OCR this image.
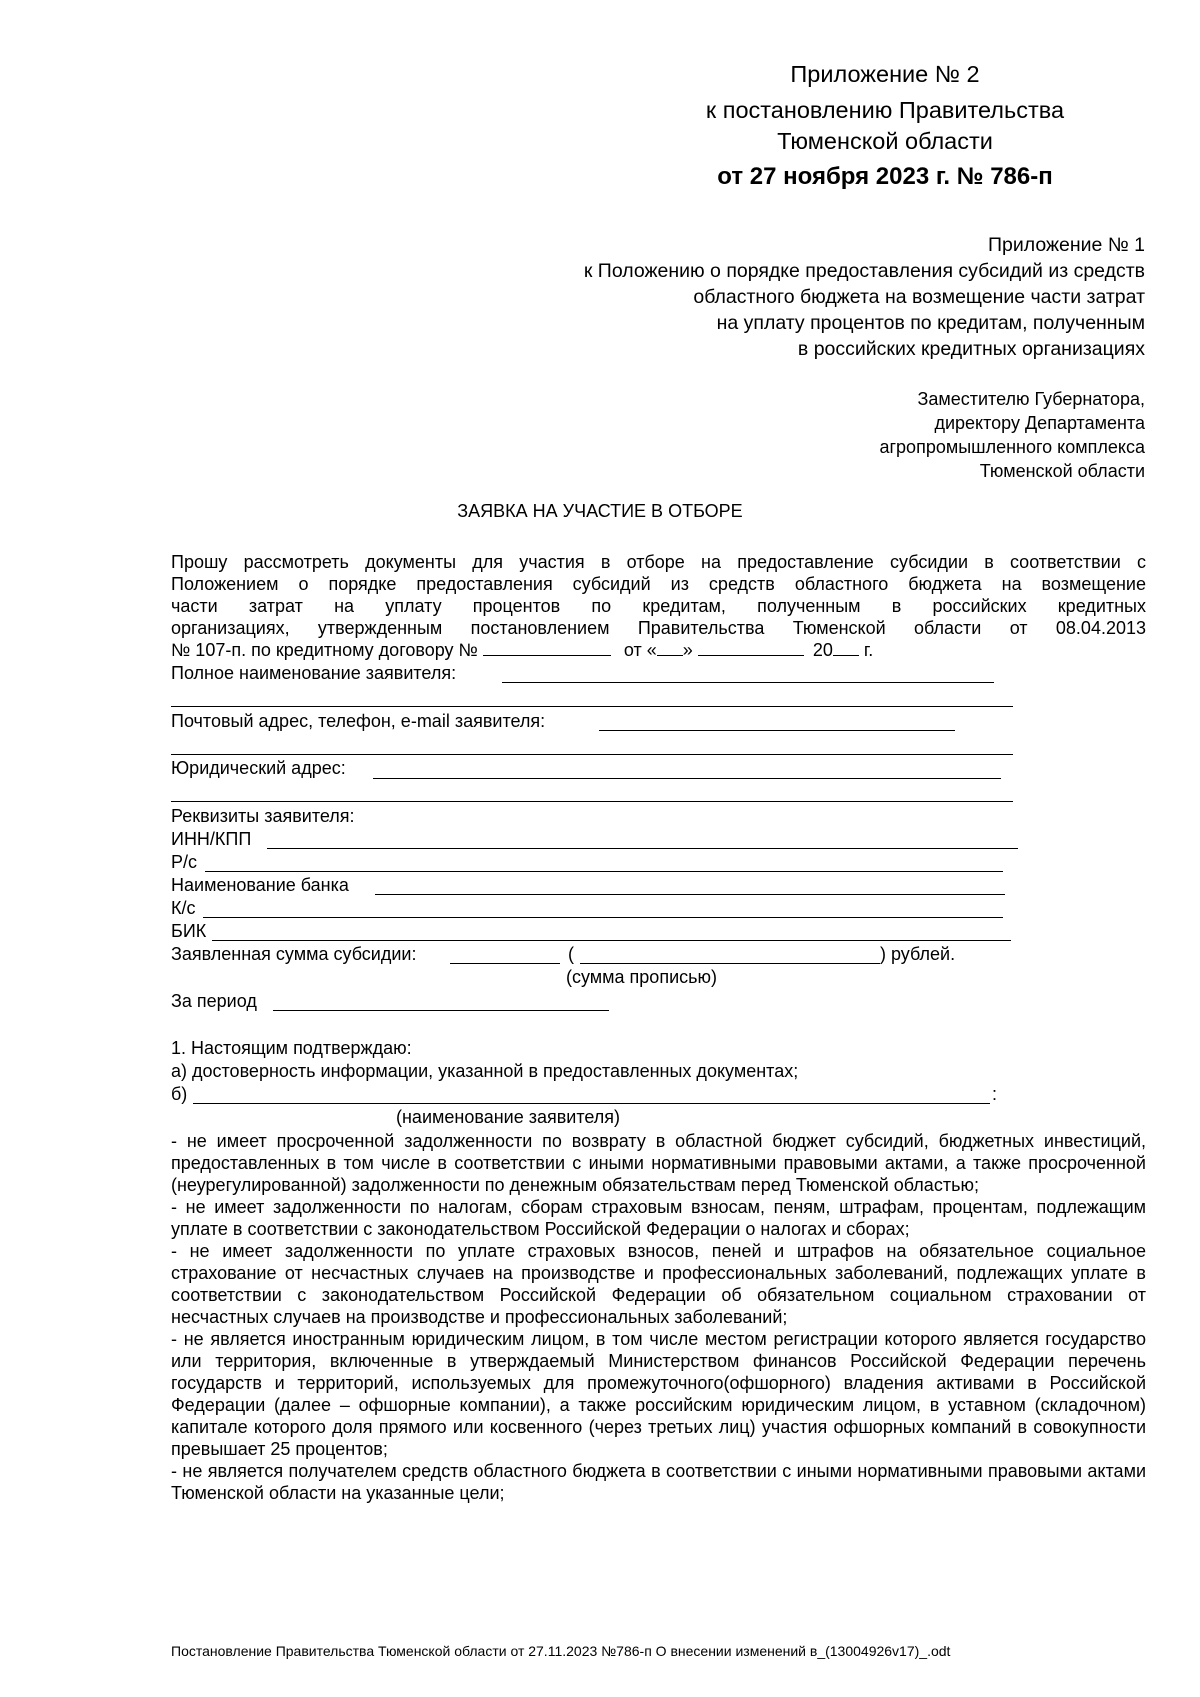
Приложение № 2
к постановлению Правительства
Тюменской области
от 27 ноября 2023 г. № 786-п
Приложение № 1
к Положению о порядке предоставления субсидий из средств
областного бюджета на возмещение части затрат
на уплату процентов по кредитам, полученным
в российских кредитных организациях
Заместителю Губернатора,
директору Департамента
агропромышленного комплекса
Тюменской области
ЗАЯВКА НА УЧАСТИЕ В ОТБОРЕ
Прошу рассмотреть документы для участия в отборе на предоставление субсидии в соответствии с
Положением о порядке предоставления субсидий из средств областного бюджета на возмещение
части затрат на уплату процентов по кредитам, полученным в российских кредитных
организациях, утвержденным постановлением Правительства Тюменской области от 08.04.2013
№ 107-п. по кредитному договору №	от « »	20 г.
Полное наименование заявителя:
Почтовый адрес, телефон, e-mail заявителя:
Юридический адрес:
Реквизиты заявителя:
ИНН/КПП
Р/с
Наименование банка
К/с
БИК
Заявленная сумма субсидии:	(	) рублей.
(сумма прописью)
За период
1. Настоящим подтверждаю:
а) достоверность информации, указанной в предоставленных документах;
б)	:
(наименование заявителя)

- не имеет просроченной задолженности по возврату в областной бюджет субсидий, бюджетных инвестиций, предоставленных в том числе в соответствии с иными нормативными правовыми актами, а также просроченной (неурегулированной) задолженности по денежным обязательствам перед Тюменской областью;

- не имеет задолженности по налогам, сборам страховым взносам, пеням, штрафам, процентам, подлежащим уплате в соответствии с законодательством Российской Федерации о налогах и сборах;

- не имеет задолженности по уплате страховых взносов, пеней и штрафов на обязательное социальное страхование от несчастных случаев на производстве и профессиональных заболеваний, подлежащих уплате в соответствии с законодательством Российской Федерации об обязательном социальном страховании от несчастных случаев на производстве и профессиональных заболеваний;

- не является иностранным юридическим лицом, в том числе местом регистрации которого является государство или территория, включенные в утверждаемый Министерством финансов Российской Федерации перечень государств и территорий, используемых для промежуточного(офшорного) владения активами в Российской Федерации (далее – офшорные компании), а также российским юридическим лицом, в уставном (складочном) капитале которого доля прямого или косвенного (через третьих лиц) участия офшорных компаний в совокупности превышает 25 процентов;

- не является получателем средств областного бюджета в соответствии с иными нормативными правовыми актами Тюменской области на указанные цели;

Постановление Правительства Тюменской области от 27.11.2023 №786-п О внесении изменений в_(13004926v17)_.odt
